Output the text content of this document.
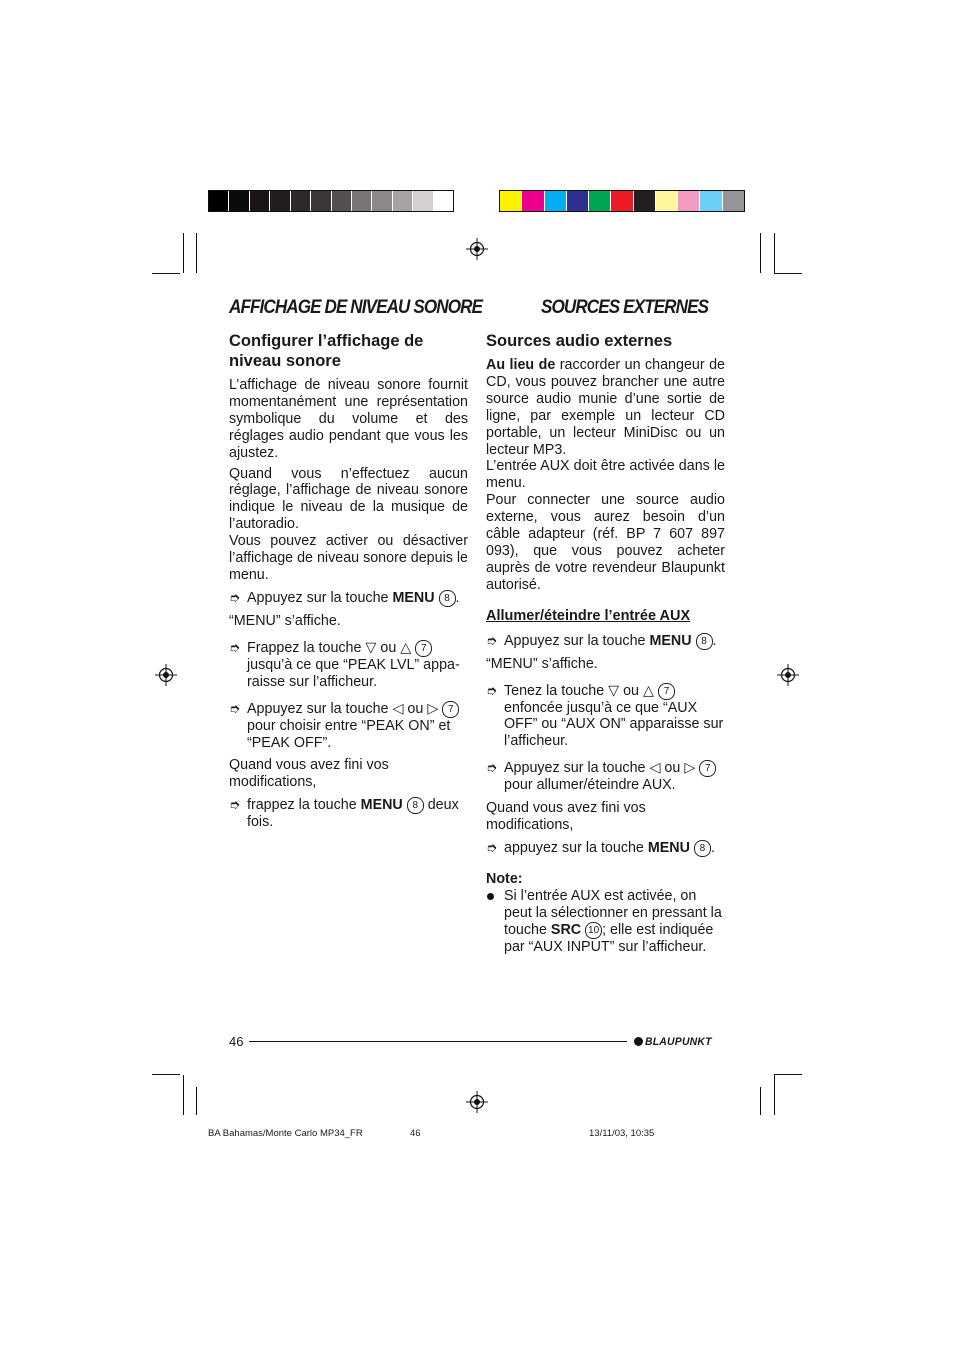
AFFICHAGE DE NIVEAU SONORE	SOURCES EXTERNES
Configurer l’affichage de niveau sonore

L’affichage de niveau sonore fournit momentanément une représentation symbolique du volume et des réglages audio pendant que vous les ajustez.

Quand vous n’effectuez aucun réglage, l’affichage de niveau sonore indique le niveau de la musique de l’autoradio.

Vous pouvez activer ou désactiver l’affichage de niveau sonore depuis le menu.

➮ Appuyez sur la touche MENU 8 .

“MENU” s’affiche.

➮ Frappez la touche ▽ ou △ 7
jusqu’à ce que “PEAK LVL” appa-raisse sur l’afficheur.
➮ Appuyez sur la touche ◁ ou ▷ 7
pour choisir entre “PEAK ON” et “PEAK OFF”.

Quand vous avez fini vos modifications,

➮ frappez la touche MENU 8 deux fois.
Sources audio externes

Au lieu de raccorder un changeur de CD, vous pouvez brancher une autre source audio munie d’une sortie de ligne, par exemple un lecteur CD portable, un lecteur MiniDisc ou un lecteur MP3.

L’entrée AUX doit être activée dans le menu.

Pour connecter une source audio externe, vous aurez besoin d’un câble adapteur (réf. BP 7 607 897 093), que vous pouvez acheter auprès de votre revendeur Blaupunkt autorisé.

Allumer/éteindre l’entrée AUX
➮ Appuyez sur la touche MENU 8 .

“MENU” s’affiche.

➮ Tenez la touche ▽ ou △ 7
enfoncée jusqu’à ce que “AUX OFF” ou “AUX ON” apparaisse sur l’afficheur.
➮ Appuyez sur la touche ◁ ou ▷ 7
pour allumer/éteindre AUX.

Quand vous avez fini vos modifications,

➮ appuyez sur la touche MENU 8 .

Note:

Si l’entrée AUX est activée, on peut la sélectionner en pressant la touche SRC 10 ; elle est indiquée par “AUX INPUT” sur l’afficheur.
46	BLAUPUNKT
BA Bahamas/Monte Carlo MP34_FR	46	13/11/03, 10:35
